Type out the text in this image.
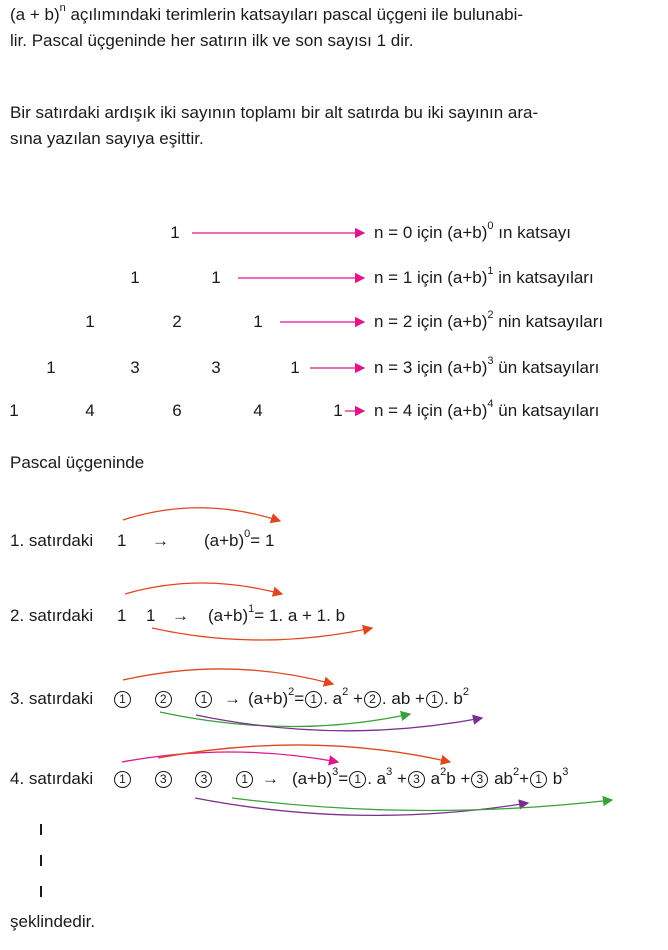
$(a + b)^n$ açılımındaki terimlerin katsayıları pascal üçgeni ile bulunabi-
lir. Pascal üçgeninde her satırın ilk ve son sayısı 1 dir.
Bir satırdaki ardışık iki sayının toplamı bir alt satırda bu iki sayının ara-
sına yazılan sayıya eşittir.
1
1	1
1	2	1
1	3	3	1
1	4	6	4	1
n = 0 için $(a+b)^0$ ın katsayı
n = 1 için $(a+b)^1$ in katsayıları
n = 2 için $(a+b)^2$ nin katsayıları
n = 3 için $(a+b)^3$ ün katsayıları
n = 4 için $(a+b)^4$ ün katsayıları
Pascal üçgeninde
1. satırdaki $1 \to (a+b)^0= 1$
2. satırdaki 1 $1 \to (a+b)^1= 1$. a + 1. b
3. satırdaki	1	2	$1 \to (a+b)^2= 1$ . $a^2 + 2$ . ab + 1 . $b^2$
4. satırdaki	1	3	3	$1 \to (a+b)^3= 1$ . $a^3 + 3$ $a^2b + 3$ $ab^2+ 1$ $b^3$
şeklindedir.
